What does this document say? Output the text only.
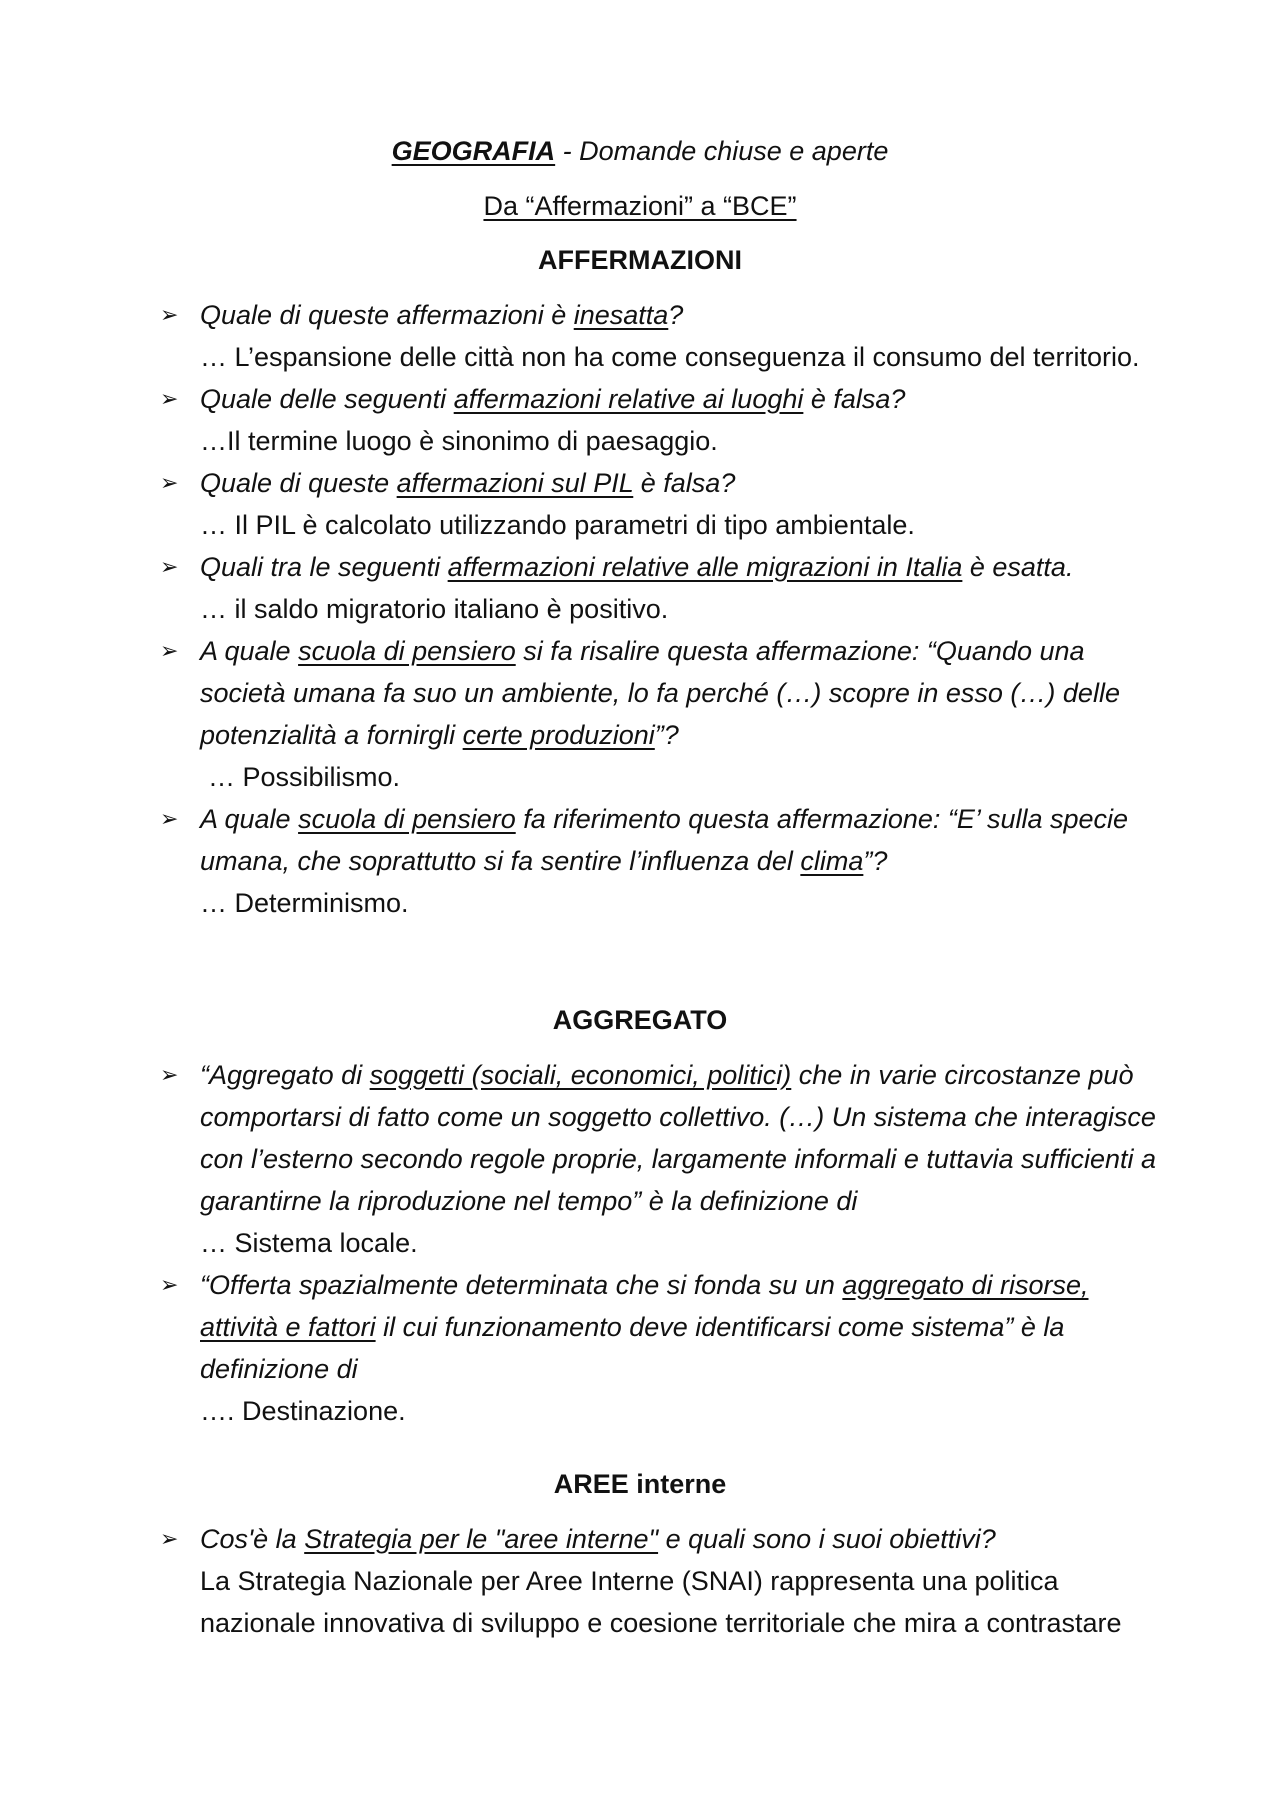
GEOGRAFIA - Domande chiuse e aperte
Da “Affermazioni” a “BCE”
AFFERMAZIONI
➢ Quale di queste affermazioni è inesatta?
… L’espansione delle città non ha come conseguenza il consumo del territorio.
➢ Quale delle seguenti affermazioni relative ai luoghi è falsa?
…Il termine luogo è sinonimo di paesaggio.
➢ Quale di queste affermazioni sul PIL è falsa?
… Il PIL è calcolato utilizzando parametri di tipo ambientale.
➢ Quali tra le seguenti affermazioni relative alle migrazioni in Italia è esatta.
… il saldo migratorio italiano è positivo.
➢ A quale scuola di pensiero si fa risalire questa affermazione: “Quando una società umana fa suo un ambiente, lo fa perché (…) scopre in esso (…) delle potenzialità a fornirgli certe produzioni”?
… Possibilismo.
➢ A quale scuola di pensiero fa riferimento questa affermazione: “E’ sulla specie umana, che soprattutto si fa sentire l’influenza del clima”?
… Determinismo.
AGGREGATO
➢ “Aggregato di soggetti (sociali, economici, politici) che in varie circostanze può comportarsi di fatto come un soggetto collettivo. (…) Un sistema che interagisce con l’esterno secondo regole proprie, largamente informali e tuttavia sufficienti a garantirne la riproduzione nel tempo” è la definizione di
… Sistema locale.
➢ “Offerta spazialmente determinata che si fonda su un aggregato di risorse, attività e fattori il cui funzionamento deve identificarsi come sistema” è la definizione di
…. Destinazione.
AREE interne
➢ Cos'è la Strategia per le "aree interne" e quali sono i suoi obiettivi?
La Strategia Nazionale per Aree Interne (SNAI) rappresenta una politica nazionale innovativa di sviluppo e coesione territoriale che mira a contrastare
